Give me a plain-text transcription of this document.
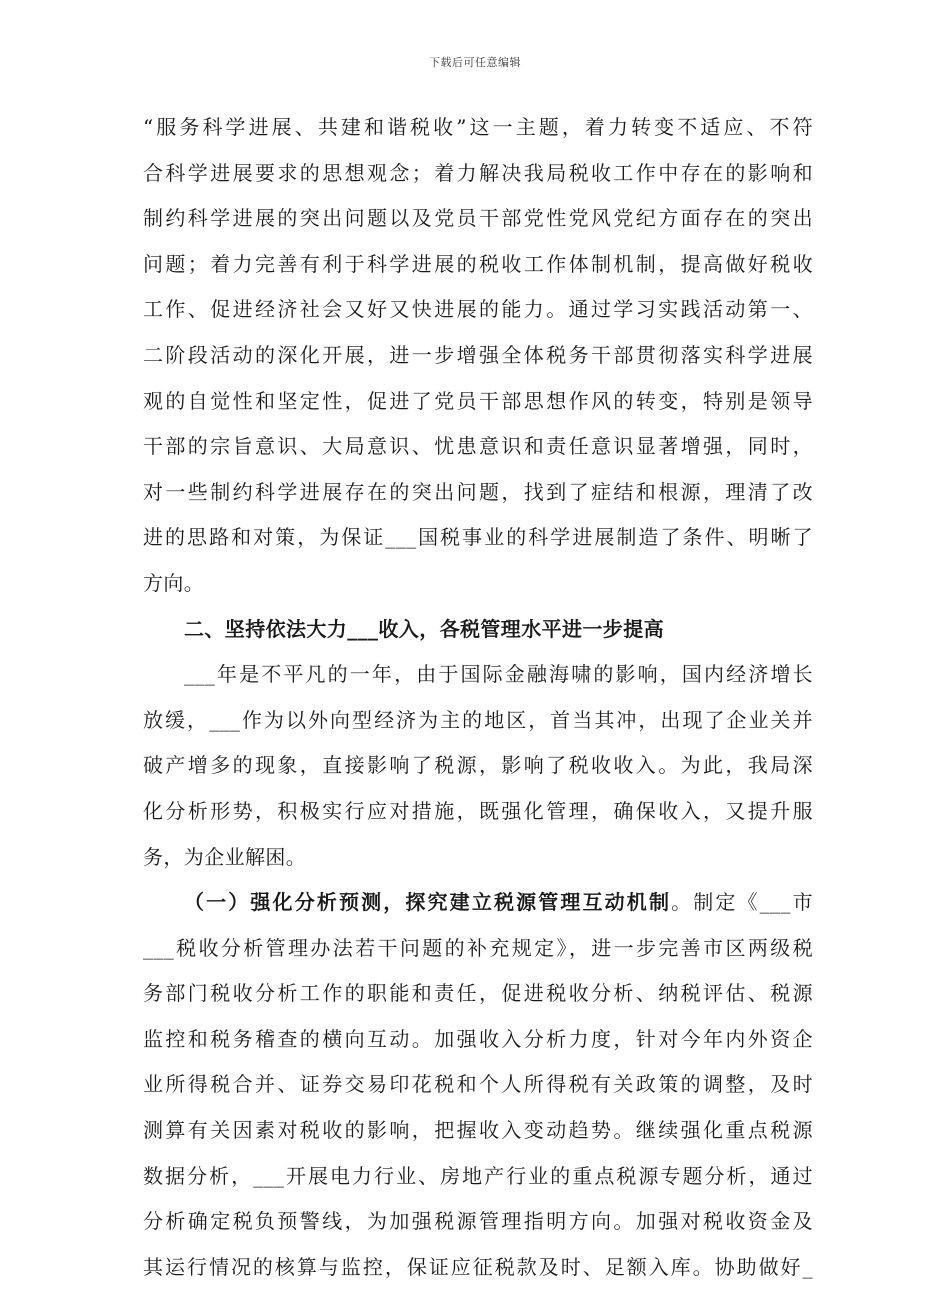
下载后可任意编辑
“服务科学进展、共建和谐税收”这一主题，着力转变不适应、不符
合科学进展要求的思想观念；着力解决我局税收工作中存在的影响和
制约科学进展的突出问题以及党员干部党性党风党纪方面存在的突出
问题；着力完善有利于科学进展的税收工作体制机制，提高做好税收
工作、促进经济社会又好又快进展的能力。通过学习实践活动第一、
二阶段活动的深化开展，进一步增强全体税务干部贯彻落实科学进展
观的自觉性和坚定性，促进了党员干部思想作风的转变，特别是领导
干部的宗旨意识、大局意识、忧患意识和责任意识显著增强，同时，
对一些制约科学进展存在的突出问题，找到了症结和根源，理清了改
进的思路和对策，为保证___国税事业的科学进展制造了条件、明晰了
方向。
二、坚持依法大力___收入，各税管理水平进一步提高
___年是不平凡的一年，由于国际金融海啸的影响，国内经济增长
放缓，___作为以外向型经济为主的地区，首当其冲，出现了企业关并
破产增多的现象，直接影响了税源，影响了税收收入。为此，我局深
化分析形势，积极实行应对措施，既强化管理，确保收入，又提升服
务，为企业解困。
（一）强化分析预测，探究建立税源管理互动机制。制定《___市
___税收分析管理办法若干问题的补充规定》，进一步完善市区两级税
务部门税收分析工作的职能和责任，促进税收分析、纳税评估、税源
监控和税务稽查的横向互动。加强收入分析力度，针对今年内外资企
业所得税合并、证券交易印花税和个人所得税有关政策的调整，及时
测算有关因素对税收的影响，把握收入变动趋势。继续强化重点税源
数据分析，___开展电力行业、房地产行业的重点税源专题分析，通过
分析确定税负预警线，为加强税源管理指明方向。加强对税收资金及
其运行情况的核算与监控，保证应征税款及时、足额入库。协助做好_
